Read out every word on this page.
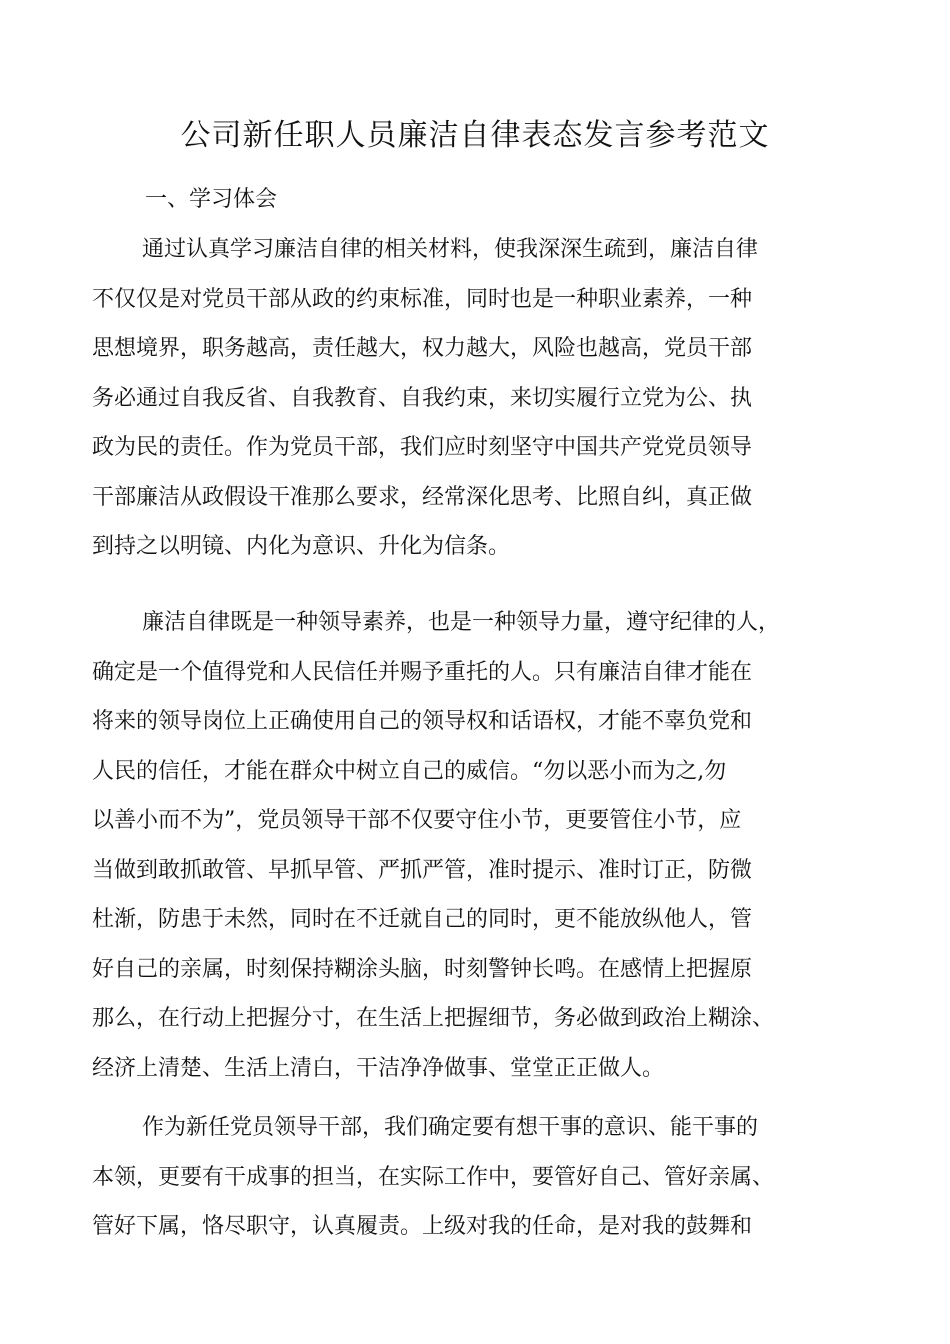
公司新任职人员廉洁自律表态发言参考范文
一、学习体会
通过认真学习廉洁自律的相关材料，使我深深生疏到，廉洁自律
不仅仅是对党员干部从政的约束标准，同时也是一种职业素养，一种
思想境界，职务越高，责任越大，权力越大，风险也越高，党员干部
务必通过自我反省、自我教育、自我约束，来切实履行立党为公、执
政为民的责任。作为党员干部，我们应时刻坚守中国共产党党员领导
干部廉洁从政假设干准那么要求，经常深化思考、比照自纠，真正做
到持之以明镜、内化为意识、升化为信条。
廉洁自律既是一种领导素养，也是一种领导力量，遵守纪律的人，
确定是一个值得党和人民信任并赐予重托的人。只有廉洁自律才能在
将来的领导岗位上正确使用自己的领导权和话语权，才能不辜负党和
人民的信任，才能在群众中树立自己的威信。“勿以恶小而为之,勿
以善小而不为”，党员领导干部不仅要守住小节，更要管住小节，应
当做到敢抓敢管、早抓早管、严抓严管，准时提示、准时订正，防微
杜渐，防患于未然，同时在不迁就自己的同时，更不能放纵他人，管
好自己的亲属，时刻保持糊涂头脑，时刻警钟长鸣。在感情上把握原
那么，在行动上把握分寸，在生活上把握细节，务必做到政治上糊涂、
经济上清楚、生活上清白，干洁净净做事、堂堂正正做人。
作为新任党员领导干部，我们确定要有想干事的意识、能干事的
本领，更要有干成事的担当，在实际工作中，要管好自己、管好亲属、
管好下属，恪尽职守，认真履责。上级对我的任命，是对我的鼓舞和
